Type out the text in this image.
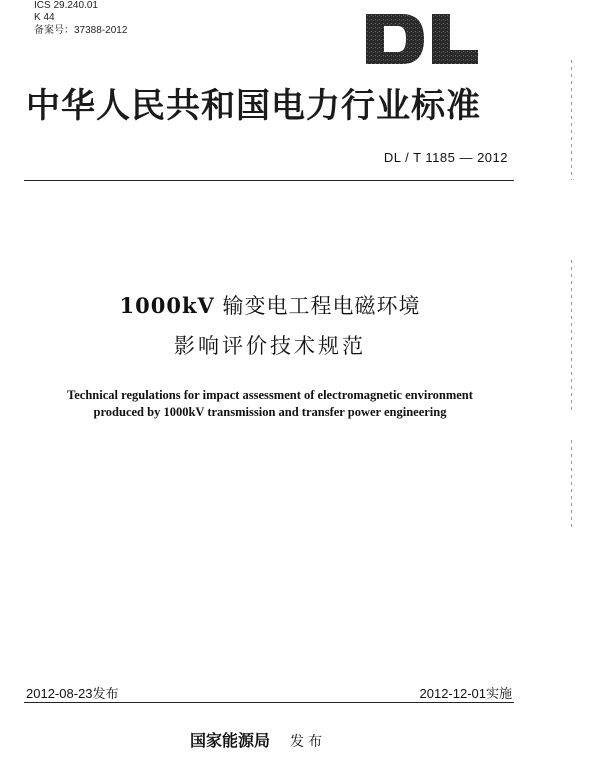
ICS 29.240.01
K 44
备案号：37388-2012
中华人民共和国电力行业标准
DL / T 1185 — 2012
1000kV 输变电工程电磁环境
影响评价技术规范
Technical regulations for impact assessment of electromagnetic environment
produced by 1000kV transmission and transfer power engineering
2012-08-23发布	2012-12-01实施
国家能源局 发布
